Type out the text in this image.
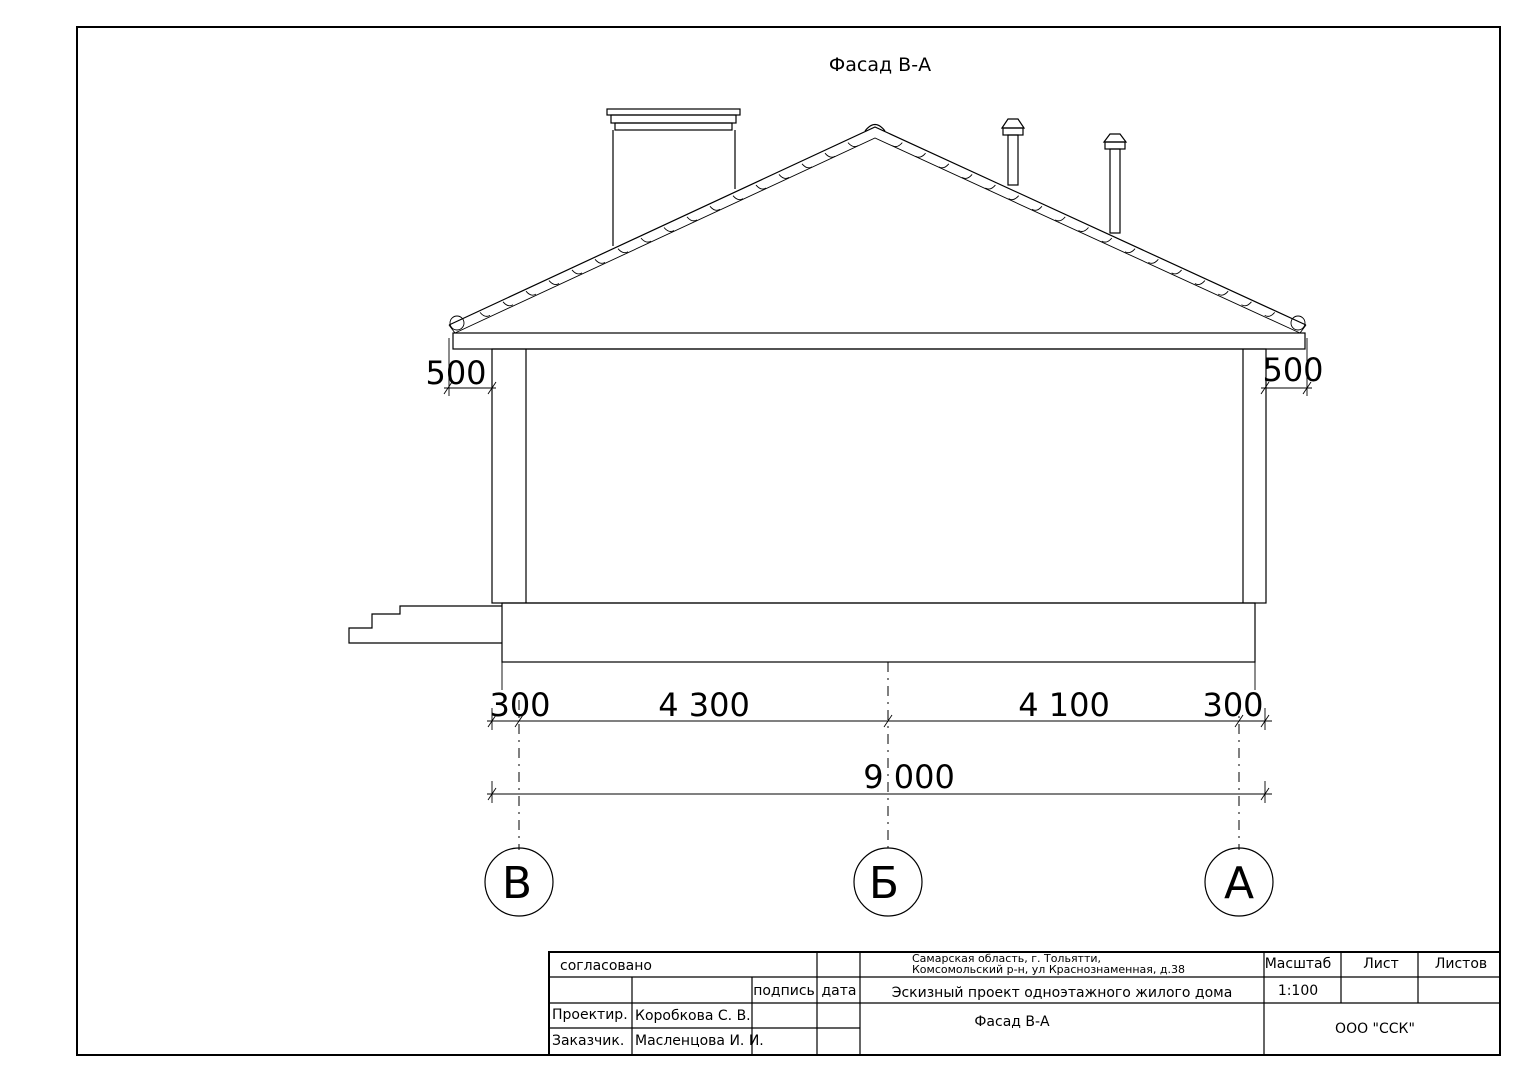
Фасад В-А
500	500
300	4 300	4 100	300
9 000
В	Б	А
согласовано
подпись дата
Проектир. Коробкова С. В.
Заказчик. Масленцова И. И.
Самарская область, г. Тольятти,
Комсомольский р-н, ул Краснознаменная, д.38
Эскизный проект одноэтажного жилого дома
Фасад В-А
Масштаб
1:100
Лист	Листов
ООО "ССК"
